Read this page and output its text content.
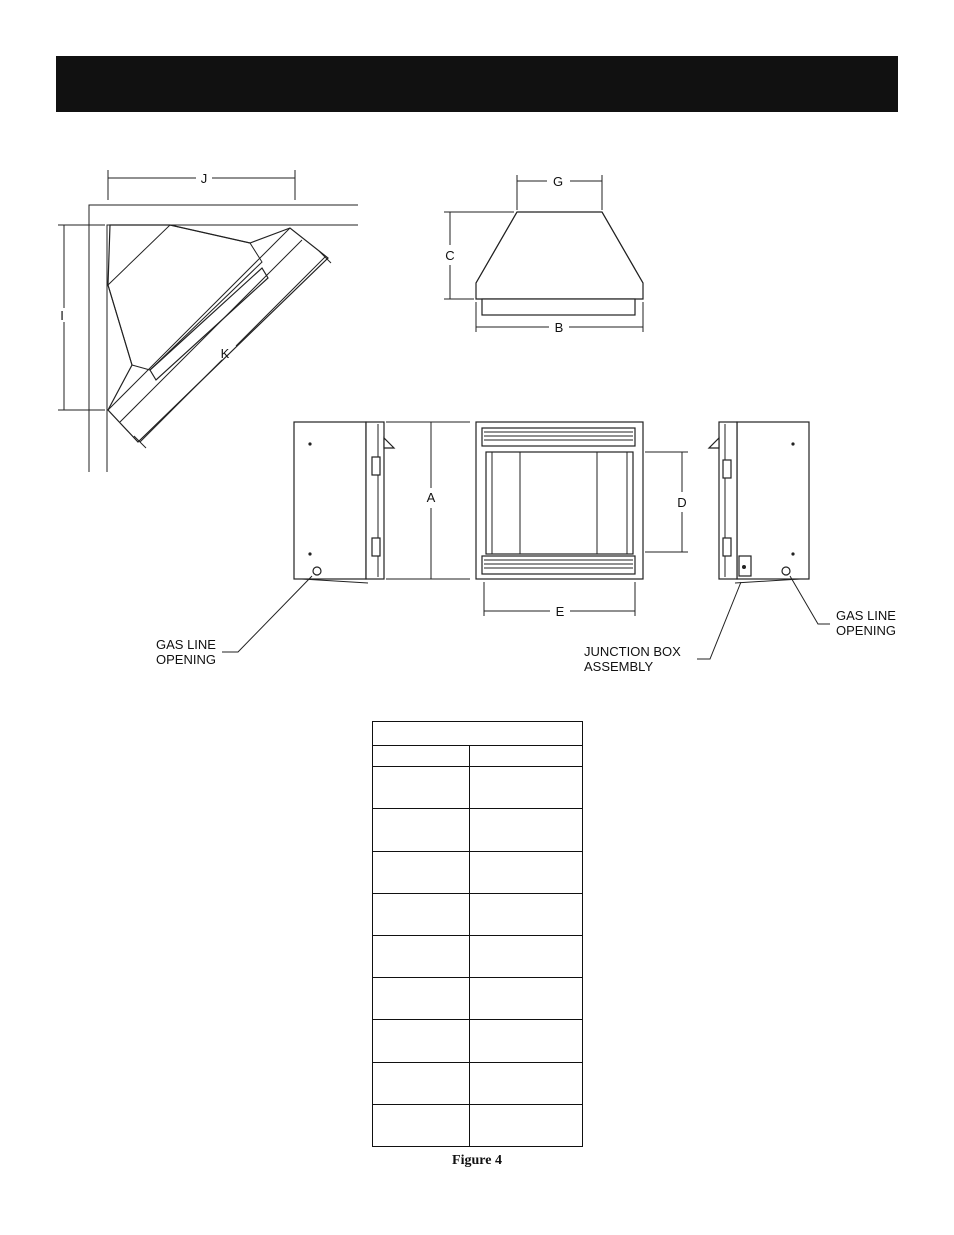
J
I
K
G
C
B
A
GAS LINE
OPENING
D
E
JUNCTION BOX
ASSEMBLY
GAS LINE
OPENING

Figure 4
